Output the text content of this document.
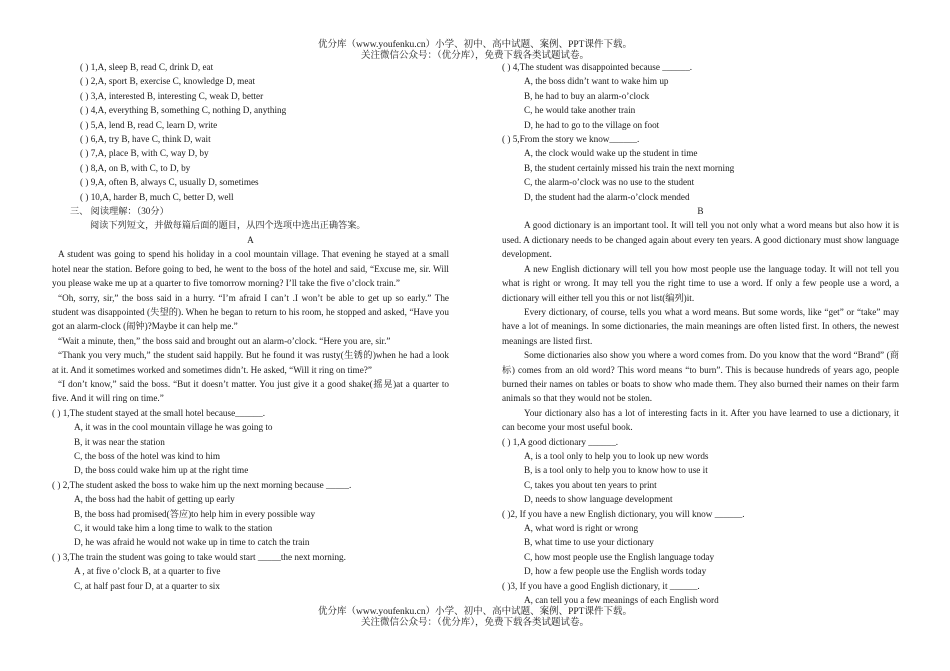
优分库（www.youfenku.cn）小学、初中、高中试题、案例、PPT课件下载。
关注微信公众号：（优分库），免费下载各类试题试卷。
( ) 1,A, sleep B, read C, drink D, eat
( ) 2,A, sport B, exercise C, knowledge D, meat
( ) 3,A, interested B, interesting C, weak D, better
( ) 4,A, everything B, something C, nothing D, anything
( ) 5,A, lend B, read C, learn D, write
( ) 6,A, try B, have C, think D, wait
( ) 7,A, place B, with C, way D, by
( ) 8,A, on B, with C, to D, by
( ) 9,A, often B, always C, usually D, sometimes
( ) 10,A, harder B, much C, better D, well
三、 阅读理解：（30分）
阅读下列短文，并做每篇后面的题目，从四个选项中选出正确答案。
A
A student was going to spend his holiday in a cool mountain village. That evening he stayed at a small hotel near the station. Before going to bed, he went to the boss of the hotel and said, “Excuse me, sir. Will you please wake me up at a quarter to five tomorrow morning? I’ll take the five o’clock train.”
“Oh, sorry, sir,” the boss said in a hurry. “I’m afraid I can’t .I won’t be able to get up so early.” The student was disappointed (失望的). When he began to return to his room, he stopped and asked, “Have you got an alarm-clock (闹钟)?Maybe it can help me.”
“Wait a minute, then,” the boss said and brought out an alarm-o’clock. “Here you are, sir.”
“Thank you very much,” the student said happily. But he found it was rusty(生锈的)when he had a look at it. And it sometimes worked and sometimes didn’t. He asked, “Will it ring on time?”
“I don’t know,” said the boss. “But it doesn’t matter. You just give it a good shake(摇晃)at a quarter to five. And it will ring on time.”
( ) 1,The student stayed at the small hotel because______.
A, it was in the cool mountain village he was going to
B, it was near the station
C, the boss of the hotel was kind to him
D, the boss could wake him up at the right time
( ) 2,The student asked the boss to wake him up the next morning because _____.
A, the boss had the habit of getting up early
B, the boss had promised(答应)to help him in every possible way
C, it would take him a long time to walk to the station
D, he was afraid he would not wake up in time to catch the train
( ) 3,The train the student was going to take would start _____the next morning.
A , at five o’clock B, at a quarter to five
C, at half past four D, at a quarter to six
( ) 4,The student was disappointed because ______.
A, the boss didn’t want to wake him up
B, he had to buy an alarm-o’clock
C, he would take another train
D, he had to go to the village on foot
( ) 5,From the story we know______.
A, the clock would wake up the student in time
B, the student certainly missed his train the next morning
C, the alarm-o’clock was no use to the student
D, the student had the alarm-o’clock mended
B
A good dictionary is an important tool. It will tell you not only what a word means but also how it is used. A dictionary needs to be changed again about every ten years. A good dictionary must show language development.
A new English dictionary will tell you how most people use the language today. It will not tell you what is right or wrong. It may tell you the right time to use a word. If only a few people use a word, a dictionary will either tell you this or not list(编列)it.
Every dictionary, of course, tells you what a word means. But some words, like “get” or “take” may have a lot of meanings. In some dictionaries, the main meanings are often listed first. In others, the newest meanings are listed first.
Some dictionaries also show you where a word comes from. Do you know that the word “Brand” (商标) comes from an old word? This word means “to burn”. This is because hundreds of years ago, people burned their names on tables or boats to show who made them. They also burned their names on their farm animals so that they would not be stolen.
Your dictionary also has a lot of interesting facts in it. After you have learned to use a dictionary, it can become your most useful book.
( ) 1,A good dictionary ______.
A, is a tool only to help you to look up new words
B, is a tool only to help you to know how to use it
C, takes you about ten years to print
D, needs to show language development
( )2, If you have a new English dictionary, you will know ______.
A, what word is right or wrong
B, what time to use your dictionary
C, how most people use the English language today
D, how a few people use the English words today
( )3, If you have a good English dictionary, it ______.
A, can tell you a few meanings of each English word
优分库（www.youfenku.cn）小学、初中、高中试题、案例、PPT课件下载。
关注微信公众号：（优分库），免费下载各类试题试卷。
